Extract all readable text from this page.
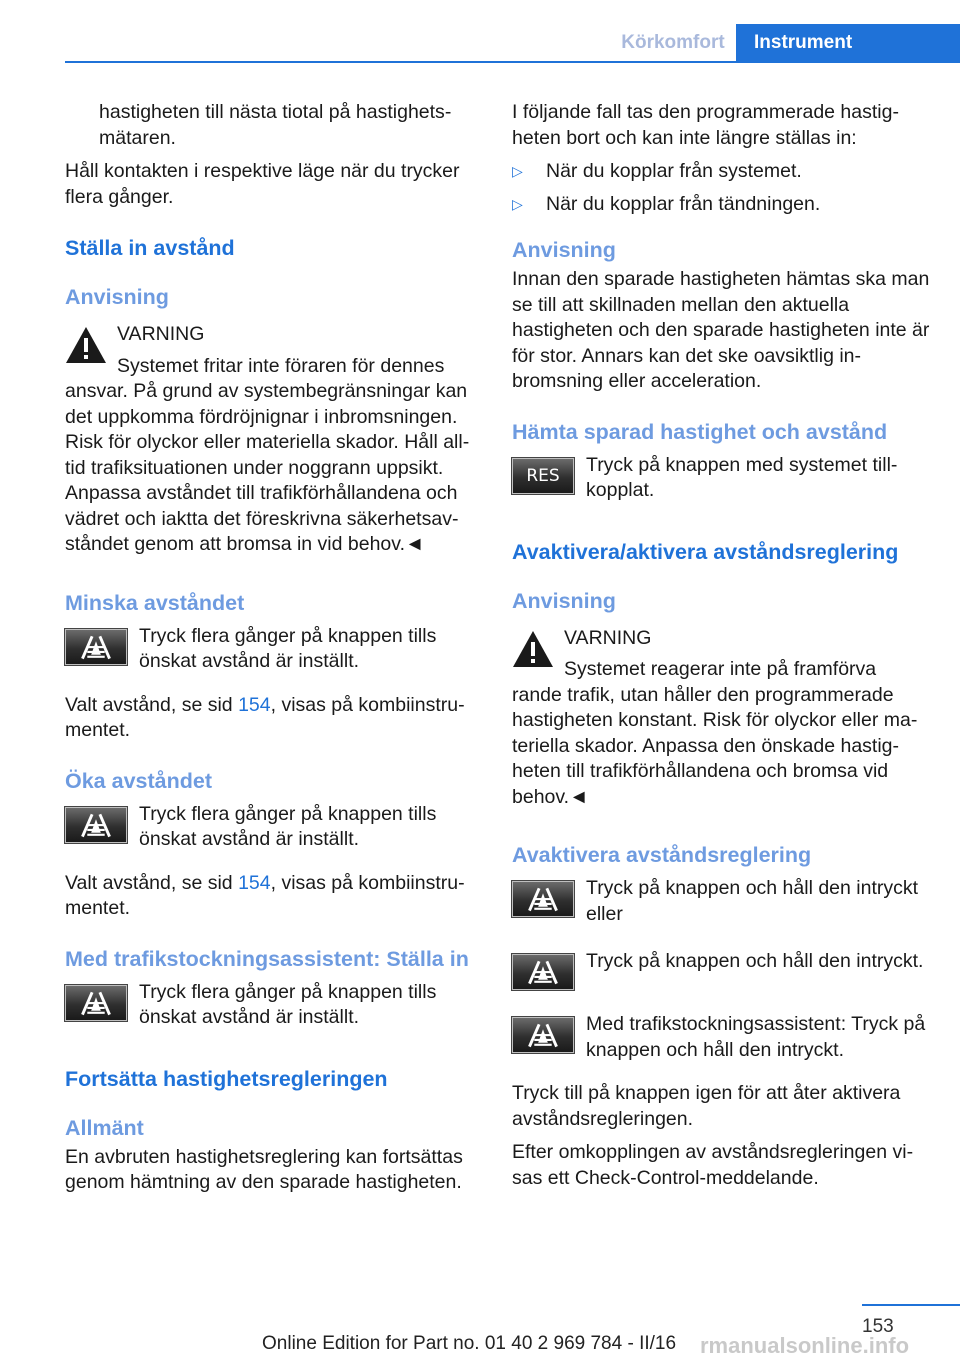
Körkomfort	Instrument

hastigheten till nästa tiotal på hastighetsmätaren.

Håll kontakten i respektive läge när du trycker flera gånger.

Ställa in avstånd
Anvisning

VARNING

Systemet fritar inte föraren för dennes

ansvar. På grund av systembegränsningar kan det uppkomma fördröjnignar i inbromsningen. Risk för olyckor eller materiella skador. Håll alltid trafiksituationen under noggrann uppsikt. Anpassa avståndet till trafikförhållandena och vädret och iaktta det föreskrivna säkerhetsavståndet genom att bromsa in vid behov.◄

Minska avståndet

Tryck flera gånger på knappen tills önskat avstånd är inställt.

Valt avstånd, se sid 154, visas på kombiinstrumentet.

Öka avståndet

Tryck flera gånger på knappen tills önskat avstånd är inställt.

Valt avstånd, se sid 154, visas på kombiinstrumentet.

Med trafikstockningsassistent: Ställa in

Tryck flera gånger på knappen tills önskat avstånd är inställt.

Fortsätta hastighetsregleringen
Allmänt

En avbruten hastighetsreglering kan fortsättas genom hämtning av den sparade hastigheten.

I följande fall tas den programmerade hastigheten bort och kan inte längre ställas in:

▷ När du kopplar från systemet.
▷ När du kopplar från tändningen.
Anvisning

Innan den sparade hastigheten hämtas ska man se till att skillnaden mellan den aktuella hastigheten och den sparade hastigheten inte är för stor. Annars kan det ske oavsiktlig inbromsning eller acceleration.

Hämta sparad hastighet och avstånd
RES Tryck på knappen med systemet tillkopplat.

Avaktivera/aktivera avståndsreglering
Anvisning

VARNING

Systemet reagerar inte på framförva

rande trafik, utan håller den programmerade hastigheten konstant. Risk för olyckor eller materiella skador. Anpassa den önskade hastigheten till trafikförhållandena och bromsa vid behov.◄

Avaktivera avståndsreglering

Tryck på knappen och håll den intryckt eller

Tryck på knappen och håll den intryckt.

Med trafikstockningsassistent: Tryck på knappen och håll den intryckt.

Tryck till på knappen igen för att åter aktivera avståndsregleringen.

Efter omkopplingen av avståndsregleringen visas ett Check-Control-meddelande.

153
Online Edition for Part no. 01 40 2 969 784 - II/16 rmanualsonline.info
